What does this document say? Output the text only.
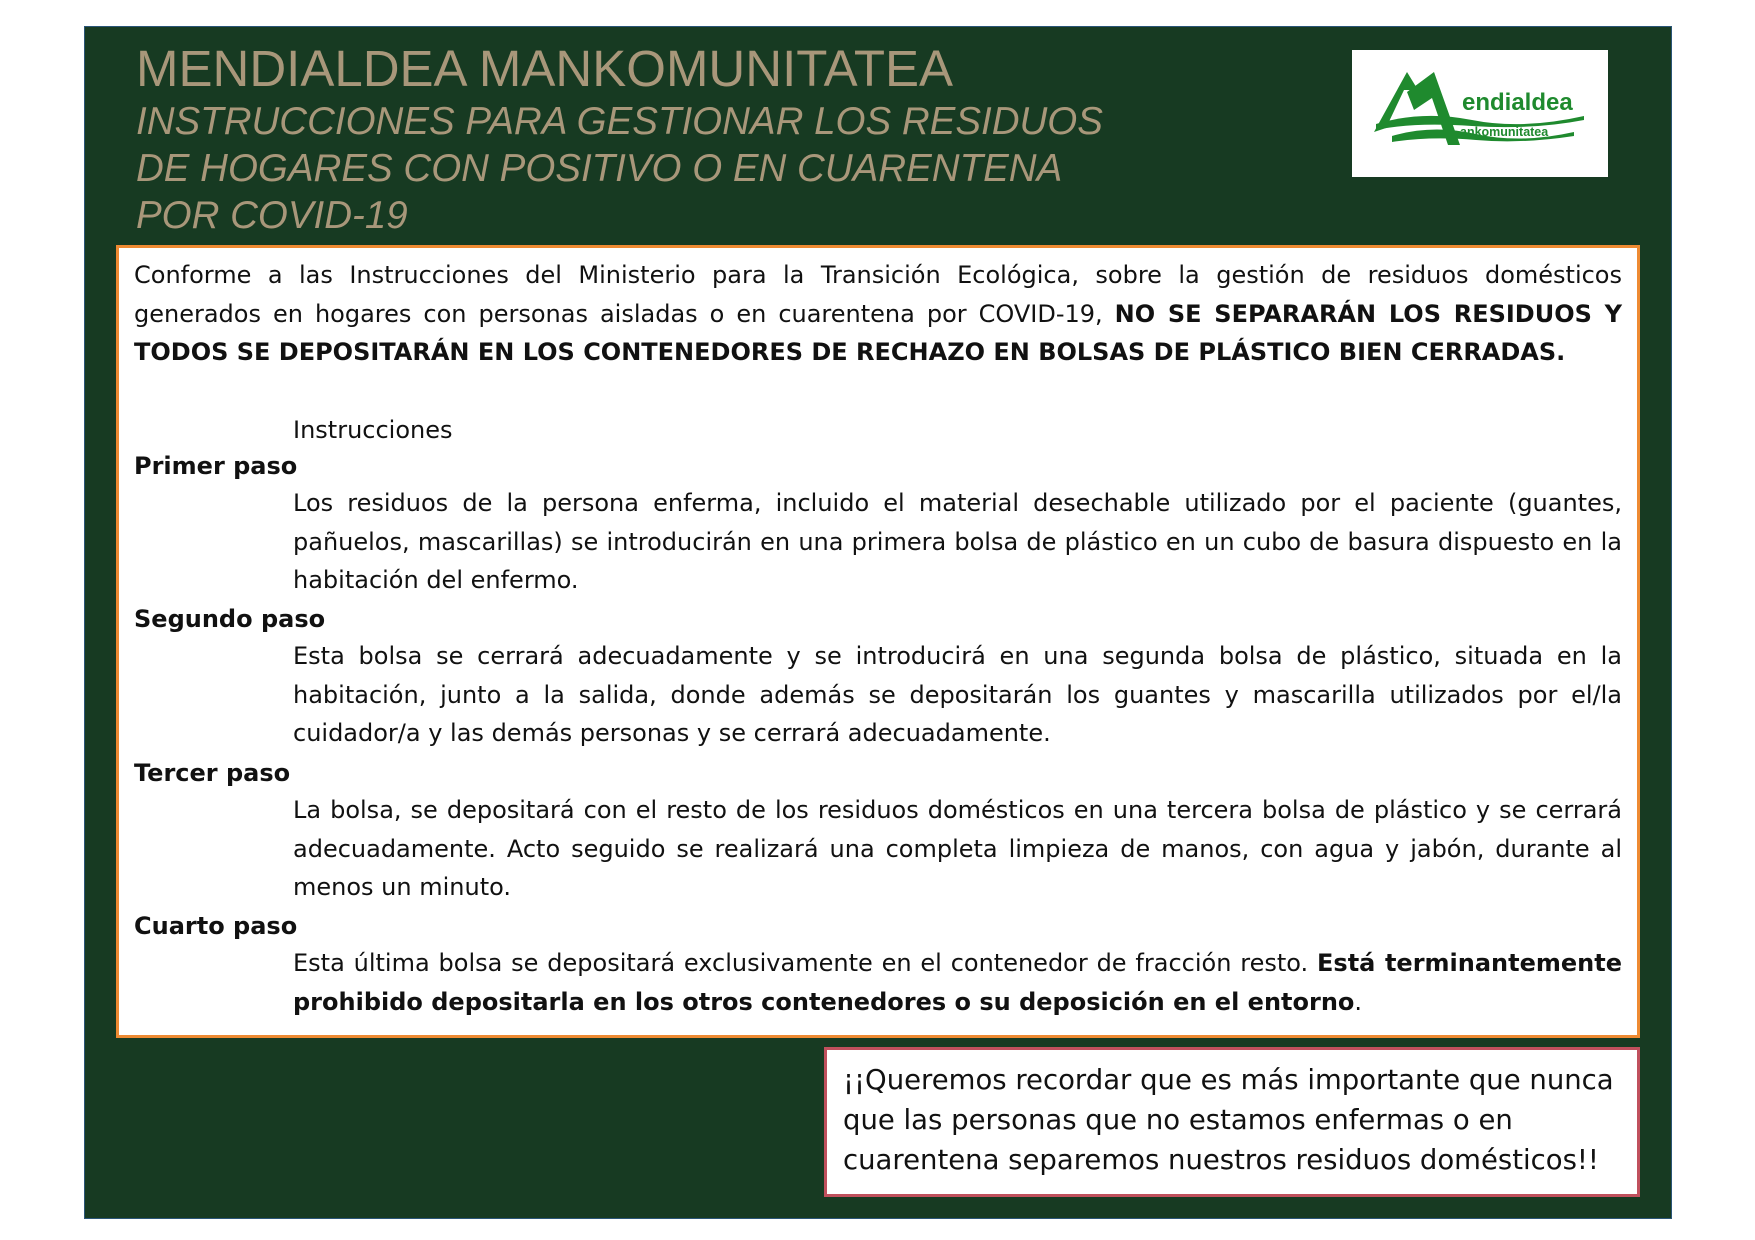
MENDIALDEA MANKOMUNITATEA
INSTRUCCIONES PARA GESTIONAR LOS RESIDUOS
DE HOGARES CON POSITIVO O EN CUARENTENA
POR COVID-19
endialdea
ankomunitatea
Conforme a las Instrucciones del Ministerio para la Transición Ecológica, sobre la gestión de residuos domésticos generados en hogares con personas aisladas o en cuarentena por COVID-19, NO SE SEPARARÁN LOS RESIDUOS Y TODOS SE DEPOSITARÁN EN LOS CONTENEDORES DE RECHAZO EN BOLSAS DE PLÁSTICO BIEN CERRADAS.
Instrucciones
Primer paso
Los residuos de la persona enferma, incluido el material desechable utilizado por el paciente (guantes, pañuelos, mascarillas) se introducirán en una primera bolsa de plástico en un cubo de basura dispuesto en la habitación del enfermo.
Segundo paso
Esta bolsa se cerrará adecuadamente y se introducirá en una segunda bolsa de plástico, situada en la habitación, junto a la salida, donde además se depositarán los guantes y mascarilla utilizados por el/la cuidador/a y las demás personas y se cerrará adecuadamente.
Tercer paso
La bolsa, se depositará con el resto de los residuos domésticos en una tercera bolsa de plástico y se cerrará adecuadamente. Acto seguido se realizará una completa limpieza de manos, con agua y jabón, durante al menos un minuto.
Cuarto paso
Esta última bolsa se depositará exclusivamente en el contenedor de fracción resto. Está terminantemente prohibido depositarla en los otros contenedores o su deposición en el entorno.
¡¡Queremos recordar que es más importante que nunca que las personas que no estamos enfermas o en cuarentena separemos nuestros residuos domésticos!!
